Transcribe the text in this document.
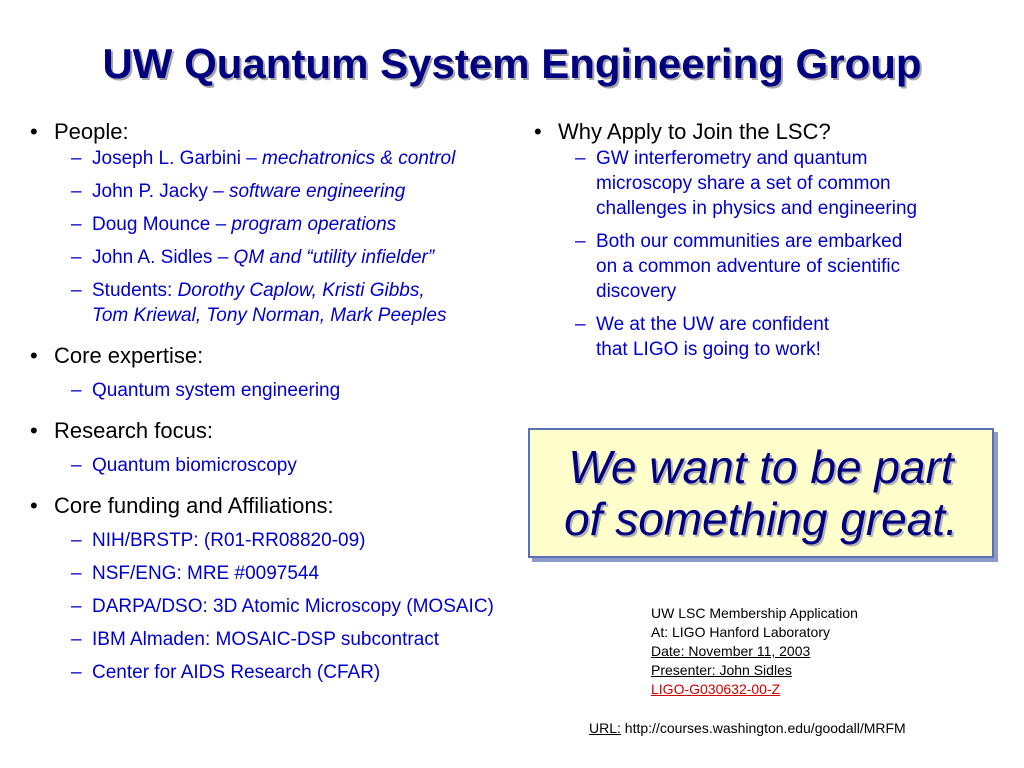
UW Quantum System Engineering Group
• People:
– Joseph L. Garbini – mechatronics & control
– John P. Jacky – software engineering
– Doug Mounce – program operations
– John A. Sidles – QM and “utility infielder”
– Students: Dorothy Caplow, Kristi Gibbs,
Tom Kriewal, Tony Norman, Mark Peeples
• Core expertise:
– Quantum system engineering
• Research focus:
– Quantum biomicroscopy
• Core funding and Affiliations:
– NIH/BRSTP: (R01-RR08820-09)
– NSF/ENG: MRE #0097544
– DARPA/DSO: 3D Atomic Microscopy (MOSAIC)
– IBM Almaden: MOSAIC-DSP subcontract
– Center for AIDS Research (CFAR)
• Why Apply to Join the LSC?
– GW interferometry and quantum
microscopy share a set of common
challenges in physics and engineering
– Both our communities are embarked
on a common adventure of scientific
discovery
– We at the UW are confident
that LIGO is going to work!
We want to be part
of something great.
UW LSC Membership Application
At: LIGO Hanford Laboratory
Date: November 11, 2003
Presenter: John Sidles
LIGO-G030632-00-Z
URL: http://courses.washington.edu/goodall/MRFM
